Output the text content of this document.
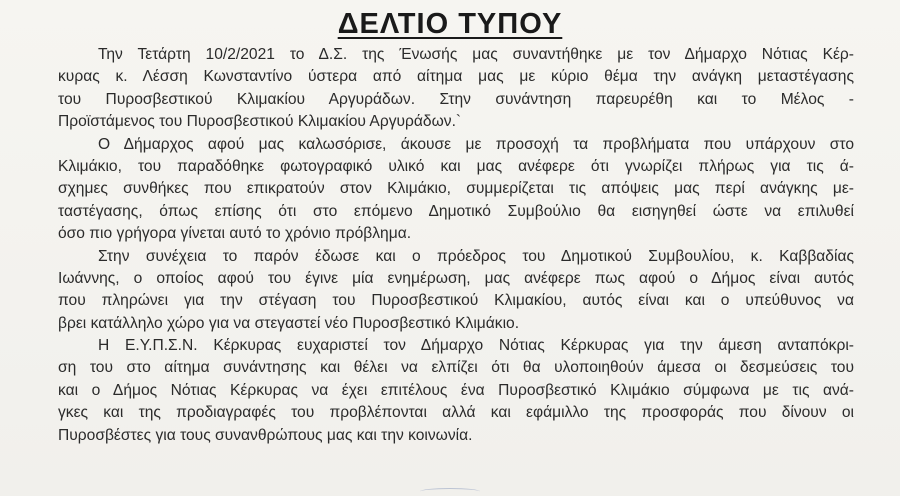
ΔΕΛΤΙΟ ΤΥΠΟΥ
Την Τετάρτη 10/2/2021 το Δ.Σ. της Ένωσής μας συναντήθηκε με τον Δήμαρχο Νότιας Κέρ-
κυρας κ. Λέσση Κωνσταντίνο ύστερα από αίτημα μας με κύριο θέμα την ανάγκη μεταστέγασης
του Πυροσβεστικού Κλιμακίου Αργυράδων. Στην συνάντηση παρευρέθη και το Μέλος -
Προϊστάμενος του Πυροσβεστικού Κλιμακίου Αργυράδων.`
Ο Δήμαρχος αφού μας καλωσόρισε, άκουσε με προσοχή τα προβλήματα που υπάρχουν στο
Κλιμάκιο, του παραδόθηκε φωτογραφικό υλικό και μας ανέφερε ότι γνωρίζει πλήρως για τις ά-
σχημες συνθήκες που επικρατούν στον Κλιμάκιο, συμμερίζεται τις απόψεις μας περί ανάγκης με-
ταστέγασης, όπως επίσης ότι στο επόμενο Δημοτικό Συμβούλιο θα εισηγηθεί ώστε να επιλυθεί
όσο πιο γρήγορα γίνεται αυτό το χρόνιο πρόβλημα.
Στην συνέχεια το παρόν έδωσε και ο πρόεδρος του Δημοτικού Συμβουλίου, κ. Καββαδίας
Ιωάννης, ο οποίος αφού του έγινε μία ενημέρωση, μας ανέφερε πως αφού ο Δήμος είναι αυτός
που πληρώνει για την στέγαση του Πυροσβεστικού Κλιμακίου, αυτός είναι και ο υπεύθυνος να
βρει κατάλληλο χώρο για να στεγαστεί νέο Πυροσβεστικό Κλιμάκιο.
Η Ε.Υ.Π.Σ.Ν. Κέρκυρας ευχαριστεί τον Δήμαρχο Νότιας Κέρκυρας για την άμεση ανταπόκρι-
ση του στο αίτημα συνάντησης και θέλει να ελπίζει ότι θα υλοποιηθούν άμεσα οι δεσμεύσεις του
και ο Δήμος Νότιας Κέρκυρας να έχει επιτέλους ένα Πυροσβεστικό Κλιμάκιο σύμφωνα με τις ανά-
γκες και της προδιαγραφές του προβλέπονται αλλά και εφάμιλλο της προσφοράς που δίνουν οι
Πυροσβέστες για τους συνανθρώπους μας και την κοινωνία.
